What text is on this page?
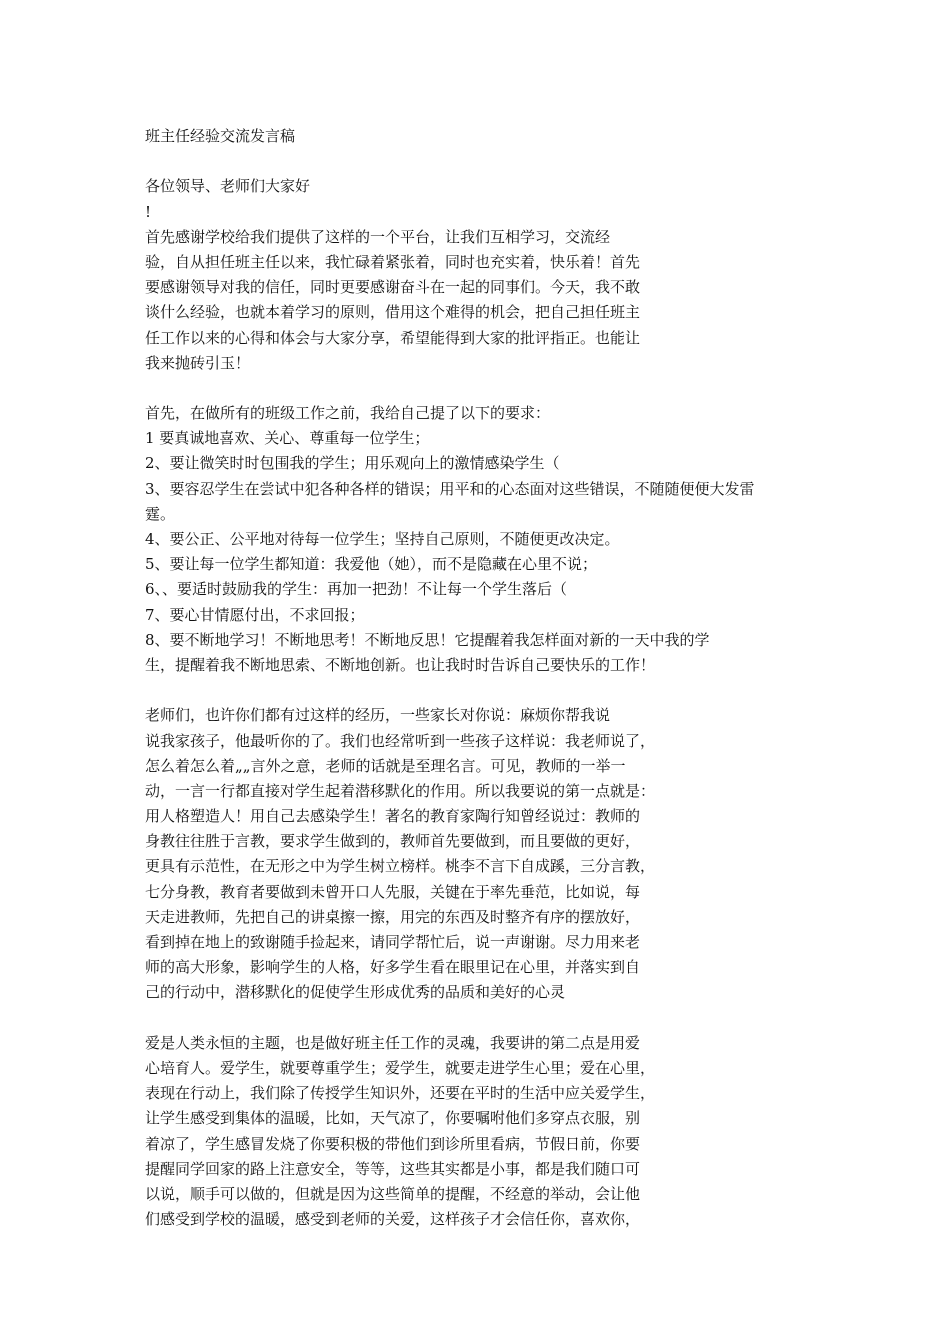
班主任经验交流发言稿
各位领导、老师们大家好
!
首先感谢学校给我们提供了这样的一个平台，让我们互相学习，交流经
验，自从担任班主任以来，我忙碌着紧张着，同时也充实着，快乐着！首先
要感谢领导对我的信任，同时更要感谢奋斗在一起的同事们。今天，我不敢
谈什么经验，也就本着学习的原则，借用这个难得的机会，把自己担任班主
任工作以来的心得和体会与大家分享，希望能得到大家的批评指正。也能让
我来抛砖引玉！
首先，在做所有的班级工作之前，我给自己提了以下的要求：
1 要真诚地喜欢、关心、尊重每一位学生；
2、要让微笑时时包围我的学生；用乐观向上的激情感染学生（
3、要容忍学生在尝试中犯各种各样的错误；用平和的心态面对这些错误，不随随便便大发雷
霆。
4、要公正、公平地对待每一位学生；坚持自己原则，不随便更改决定。
5、要让每一位学生都知道：我爱他（她），而不是隐藏在心里不说；
6、、要适时鼓励我的学生：再加一把劲！不让每一个学生落后（
7、要心甘情愿付出，不求回报；
8、要不断地学习！不断地思考！不断地反思！它提醒着我怎样面对新的一天中我的学
生，提醒着我不断地思索、不断地创新。也让我时时告诉自己要快乐的工作！
老师们，也许你们都有过这样的经历，一些家长对你说：麻烦你帮我说
说我家孩子，他最听你的了。我们也经常听到一些孩子这样说：我老师说了，
怎么着怎么着„„言外之意，老师的话就是至理名言。可见，教师的一举一
动，一言一行都直接对学生起着潜移默化的作用。所以我要说的第一点就是：
用人格塑造人！用自己去感染学生！著名的教育家陶行知曾经说过：教师的
身教往往胜于言教，要求学生做到的，教师首先要做到，而且要做的更好，
更具有示范性，在无形之中为学生树立榜样。桃李不言下自成蹊，三分言教，
七分身教，教育者要做到未曾开口人先服，关键在于率先垂范，比如说，每
天走进教师，先把自己的讲桌擦一擦，用完的东西及时整齐有序的摆放好，
看到掉在地上的致谢随手捡起来，请同学帮忙后，说一声谢谢。尽力用来老
师的高大形象，影响学生的人格，好多学生看在眼里记在心里，并落实到自
己的行动中，潜移默化的促使学生形成优秀的品质和美好的心灵
爱是人类永恒的主题，也是做好班主任工作的灵魂，我要讲的第二点是用爱
心培育人。爱学生，就要尊重学生；爱学生，就要走进学生心里；爱在心里，
表现在行动上，我们除了传授学生知识外，还要在平时的生活中应关爱学生，
让学生感受到集体的温暖，比如，天气凉了，你要嘱咐他们多穿点衣服，别
着凉了，学生感冒发烧了你要积极的带他们到诊所里看病，节假日前，你要
提醒同学回家的路上注意安全，等等，这些其实都是小事，都是我们随口可
以说，顺手可以做的，但就是因为这些简单的提醒，不经意的举动，会让他
们感受到学校的温暖，感受到老师的关爱，这样孩子才会信任你，喜欢你，
